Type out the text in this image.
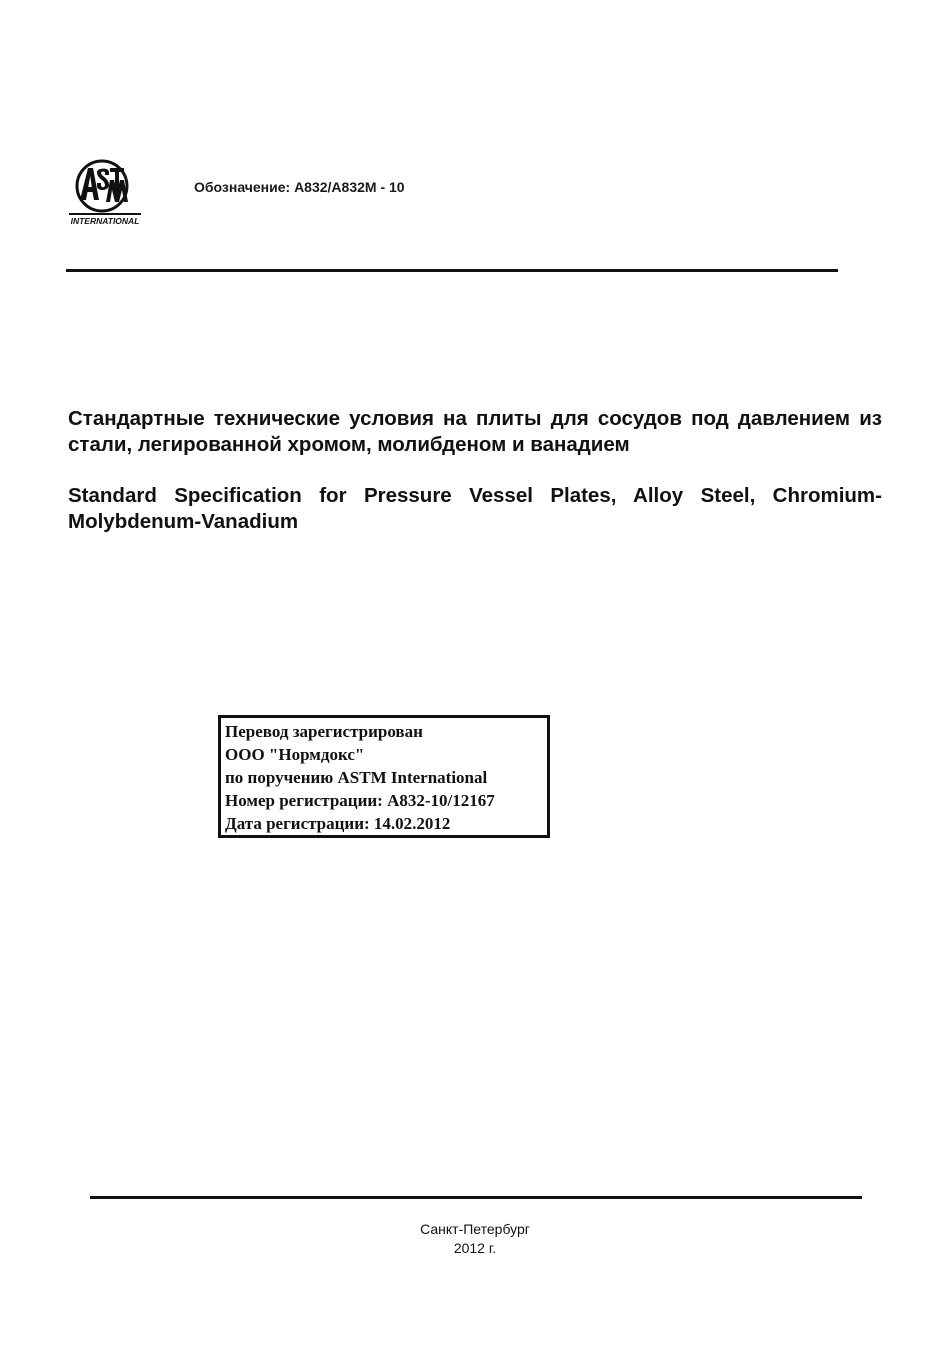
INTERNATIONAL
Обозначение: A832/A832M - 10
Стандартные технические условия на плиты для сосудов под давлением из стали, легированной хромом, молибденом и ванадием
Standard Specification for Pressure Vessel Plates, Alloy Steel, Chromium-Molybdenum-Vanadium
Перевод зарегистрирован
ООО "Нормдокс"
по поручению ASTM International
Номер регистрации: A832-10/12167
Дата регистрации: 14.02.2012
Санкт-Петербург
2012 г.
